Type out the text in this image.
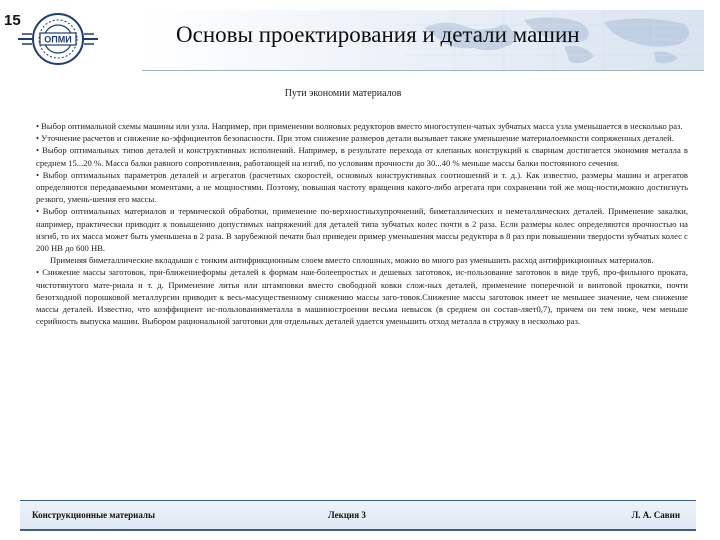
15
ОПМИ	Основы проектирования и детали машин
Пути экономии материалов

• Выбор оптимальной схемы машины или узла. Например, при применении волновых редукторов вместо многоступен-чатых зубчатых масса узла уменьшается в несколько раз.

• Уточнение расчетов и снижение ко-эффициентов безопасности. При этом снижение размеров детали вызывает также уменьшение материалоемкости сопряженных деталей.

• Выбор оптимальных типов деталей и конструктивных исполнений. Например, в результате перехода от клепаных конструкций к сварным достигается экономия металла в среднем 15...20 %. Масса балки равного сопротивления, работающей на изгиб, по условиям прочности до 30...40 % меньше массы балки постоянного сечения.

• Выбор оптимальных параметров деталей и агрегатов (расчетных скоростей, основных конструктивных соотношений и т. д.). Как известно, размеры машин и агрегатов определяются передаваемыми моментами, а не мощностями. Поэтому, повышая частоту вращения какого-либо агрегата при сохранении той же мощ-ности,можно достигнуть резкого, умень-шения его массы.

• Выбор оптимальных материалов и термической обработки, применение по-верхностныхупрочнений, биметаллических и неметаллических деталей. Применение закалки, например, практически приводит к повышению допустимых напряжений для деталей типа зубчатых колес почти в 2 раза. Если размеры колес определяются прочностью на изгиб, то их масса может быть уменьшена в 2 раза. В зарубежной печати был приведен пример уменьшения массы редуктора в 8 раз при повышении твердости зубчатых колес с 200 НВ до 600 НВ.

Применяя биметаллические вкладыши с тонким антифрикционным слоем вместо сплошных, можно во много раз уменьшить расход антифрикционных материалов.

• Снижение массы заготовок, при-ближениеформы деталей к формам наи-болеепростых и дешевых заготовок, ис-пользование заготовок в виде труб, про-фильного проката, чистотянутого мате-риала и т. д. Применение литья или штамповки вместо свободной ковки слож-ных деталей, применение поперечной и винтовой прокатки, почти безотходной порошковой металлургии приводит к весь-масущественному снижению массы заго-товок.Снижение массы заготовок имеет не меньшее значение, чем снижение массы деталей. Известно, что коэффициент ис-пользованияметалла в машиностроении весьма невысок (в среднем он состав-ляет0,7), причем он тем ниже, чем меньше серийность выпуска машин. Выбором рациональной заготовки для отдельных деталей удается уменьшить отход металла в стружку в несколько раз.

Конструкционные материалы	Лекция 3	Л. А. Савин
